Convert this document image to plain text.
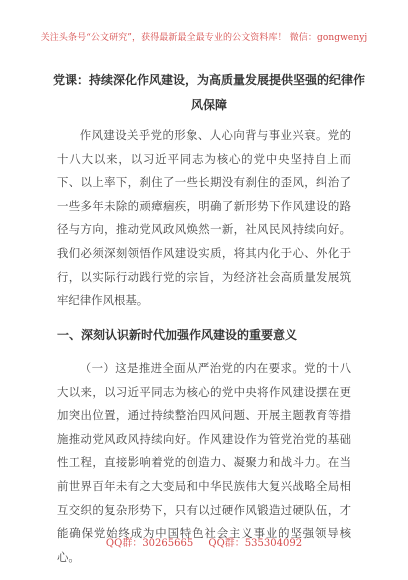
关注头条号“公文研究”，获得最新最全最专业的公文资料库！ 微信：gongwenyj
党课：持续深化作风建设，为高质量发展提供坚强的纪律作风保障
作风建设关乎党的形象、人心向背与事业兴衰。党的十八大以来，以习近平同志为核心的党中央坚持自上而下、以上率下，刹住了一些长期没有刹住的歪风，纠治了一些多年未除的顽瘴痼疾，明确了新形势下作风建设的路径与方向，推动党风政风焕然一新，社风民风持续向好。我们必须深刻领悟作风建设实质，将其内化于心、外化于行，以实际行动践行党的宗旨，为经济社会高质量发展筑牢纪律作风根基。
一、深刻认识新时代加强作风建设的重要意义
（一）这是推进全面从严治党的内在要求。党的十八大以来，以习近平同志为核心的党中央将作风建设摆在更加突出位置，通过持续整治四风问题、开展主题教育等措施推动党风政风持续向好。作风建设作为管党治党的基础性工程，直接影响着党的创造力、凝聚力和战斗力。在当前世界百年未有之大变局和中华民族伟大复兴战略全局相互交织的复杂形势下，只有以过硬作风锻造过硬队伍，才能确保党始终成为中国特色社会主义事业的坚强领导核心。
QQ群：30265665 QQ群：535304092
